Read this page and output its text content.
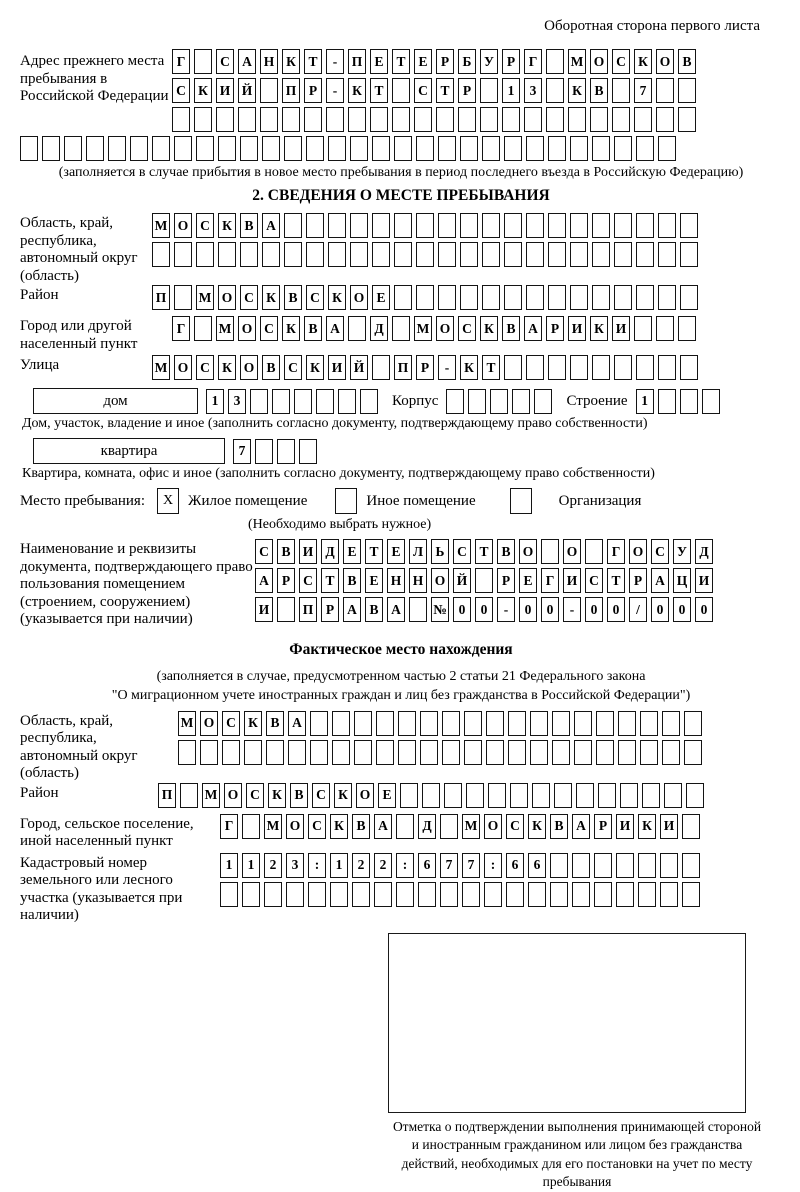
Оборотная сторона первого листа
Адрес прежнего места пребывания в Российской Федерации
Г	С А Н К Т	-	П Е Т Е Р Б У Р	Г	М О С К О В
С К И Й П Р	-	К Т	С Т Р	1	3	К В	7
(заполняется в случае прибытия в новое место пребывания в период последнего въезда в Российскую Федерацию)
2. СВЕДЕНИЯ О МЕСТЕ ПРЕБЫВАНИЯ
Область, край, республика, автономный округ (область)
М О С К В А
Район	П М О С К В С К О Е
Город или другой населенный пункт
Г	М О С К В А	Д	М О С К В А Р И К И
Улица	М О С К О В С К И Й П Р	-	К Т
дом	1	3	Корпус	Строение	1
Дом, участок, владение и иное (заполнить согласно документу, подтверждающему право собственности)
квартира	7
Квартира, комната, офис и иное (заполнить согласно документу, подтверждающему право собственности)
Место пребывания:	X Жилое помещение	Иное помещение	Организация
(Необходимо выбрать нужное)
Наименование и реквизиты документа, подтверждающего право пользования помещением (строением, сооружением) (указывается при наличии)
С В И Д Е Т Е Л Ь С Т В О О	Г О С У Д
А Р С Т В Е Н Н О Й	Р Е Г И С Т Р А Ц И
И П Р А В А	№ 0	0	-	0	0	-	0	0	/	0	0	0
Фактическое место нахождения
(заполняется в случае, предусмотренном частью 2 статьи 21 Федерального закона
"О миграционном учете иностранных граждан и лиц без гражданства в Российской Федерации")
Область, край, республика, автономный округ (область)
М О С К В А
Район	П М О С К В С К О Е
Город, сельское поселение, иной населенный пункт
Г	М О С К В А	Д	М О С К В А Р И К И
Кадастровый номер земельного или лесного участка (указывается при наличии)
1	1	2	3	:	1	2	2	:	6	7	7	:	6	6
Отметка о подтверждении выполнения принимающей стороной и иностранным гражданином или лицом без гражданства действий, необходимых для его постановки на учет по месту пребывания
